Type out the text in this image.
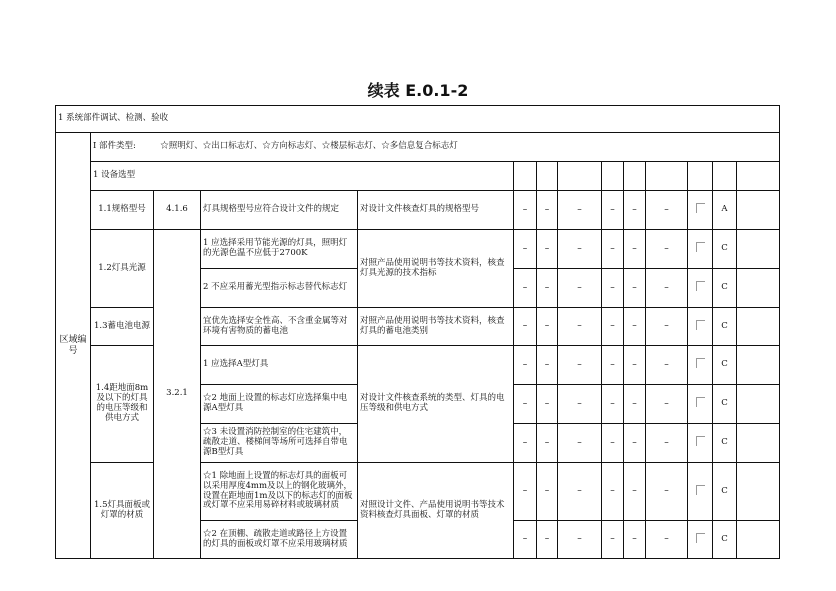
续表 E.0.1-2
1 系统部件调试、检测、验收													
区域编号	I 部件类型: ☆照明灯、☆出口标志灯、☆方向标志灯、☆楼层标志灯、☆多信息复合标志灯												
	1 设备选型												
	1.1规格型号	4.1.6	灯具规格型号应符合设计文件的规定	对设计文件核查灯具的规格型号	–	–	–	–	–	–		A	
	1.2灯具光源	3.2.1	1 应选择采用节能光源的灯具，照明灯的光源色温不应低于2700K	对照产品使用说明书等技术资料，核查灯具光源的技术指标	–	–	–	–	–	–		C	
			2 不应采用蓄光型指示标志替代标志灯		–	–	–	–	–	–		C	
	1.3蓄电池电源		宜优先选择安全性高、不含重金属等对环境有害物质的蓄电池	对照产品使用说明书等技术资料，核查灯具的蓄电池类别	–	–	–	–	–	–		C	
	1.4距地面8m及以下的灯具的电压等级和供电方式		1 应选择A型灯具	对设计文件核查系统的类型、灯具的电压等级和供电方式	–	–	–	–	–	–		C	
			☆2 地面上设置的标志灯应选择集中电源A型灯具		–	–	–	–	–	–		C	
			☆3 未设置消防控制室的住宅建筑中，疏散走道、楼梯间等场所可选择自带电源B型灯具		–	–	–	–	–	–		C	
	1.5灯具面板或灯罩的材质		☆1 除地面上设置的标志灯具的面板可以采用厚度4mm及以上的钢化玻璃外，设置在距地面1m及以下的标志灯的面板或灯罩不应采用易碎材料或玻璃材质	对照设计文件、产品使用说明书等技术资料核查灯具面板、灯罩的材质	–	–	–	–	–	–		C	
			☆2 在顶棚、疏散走道或路径上方设置的灯具的面板或灯罩不应采用玻璃材质		–	–	–	–	–	–		C	
